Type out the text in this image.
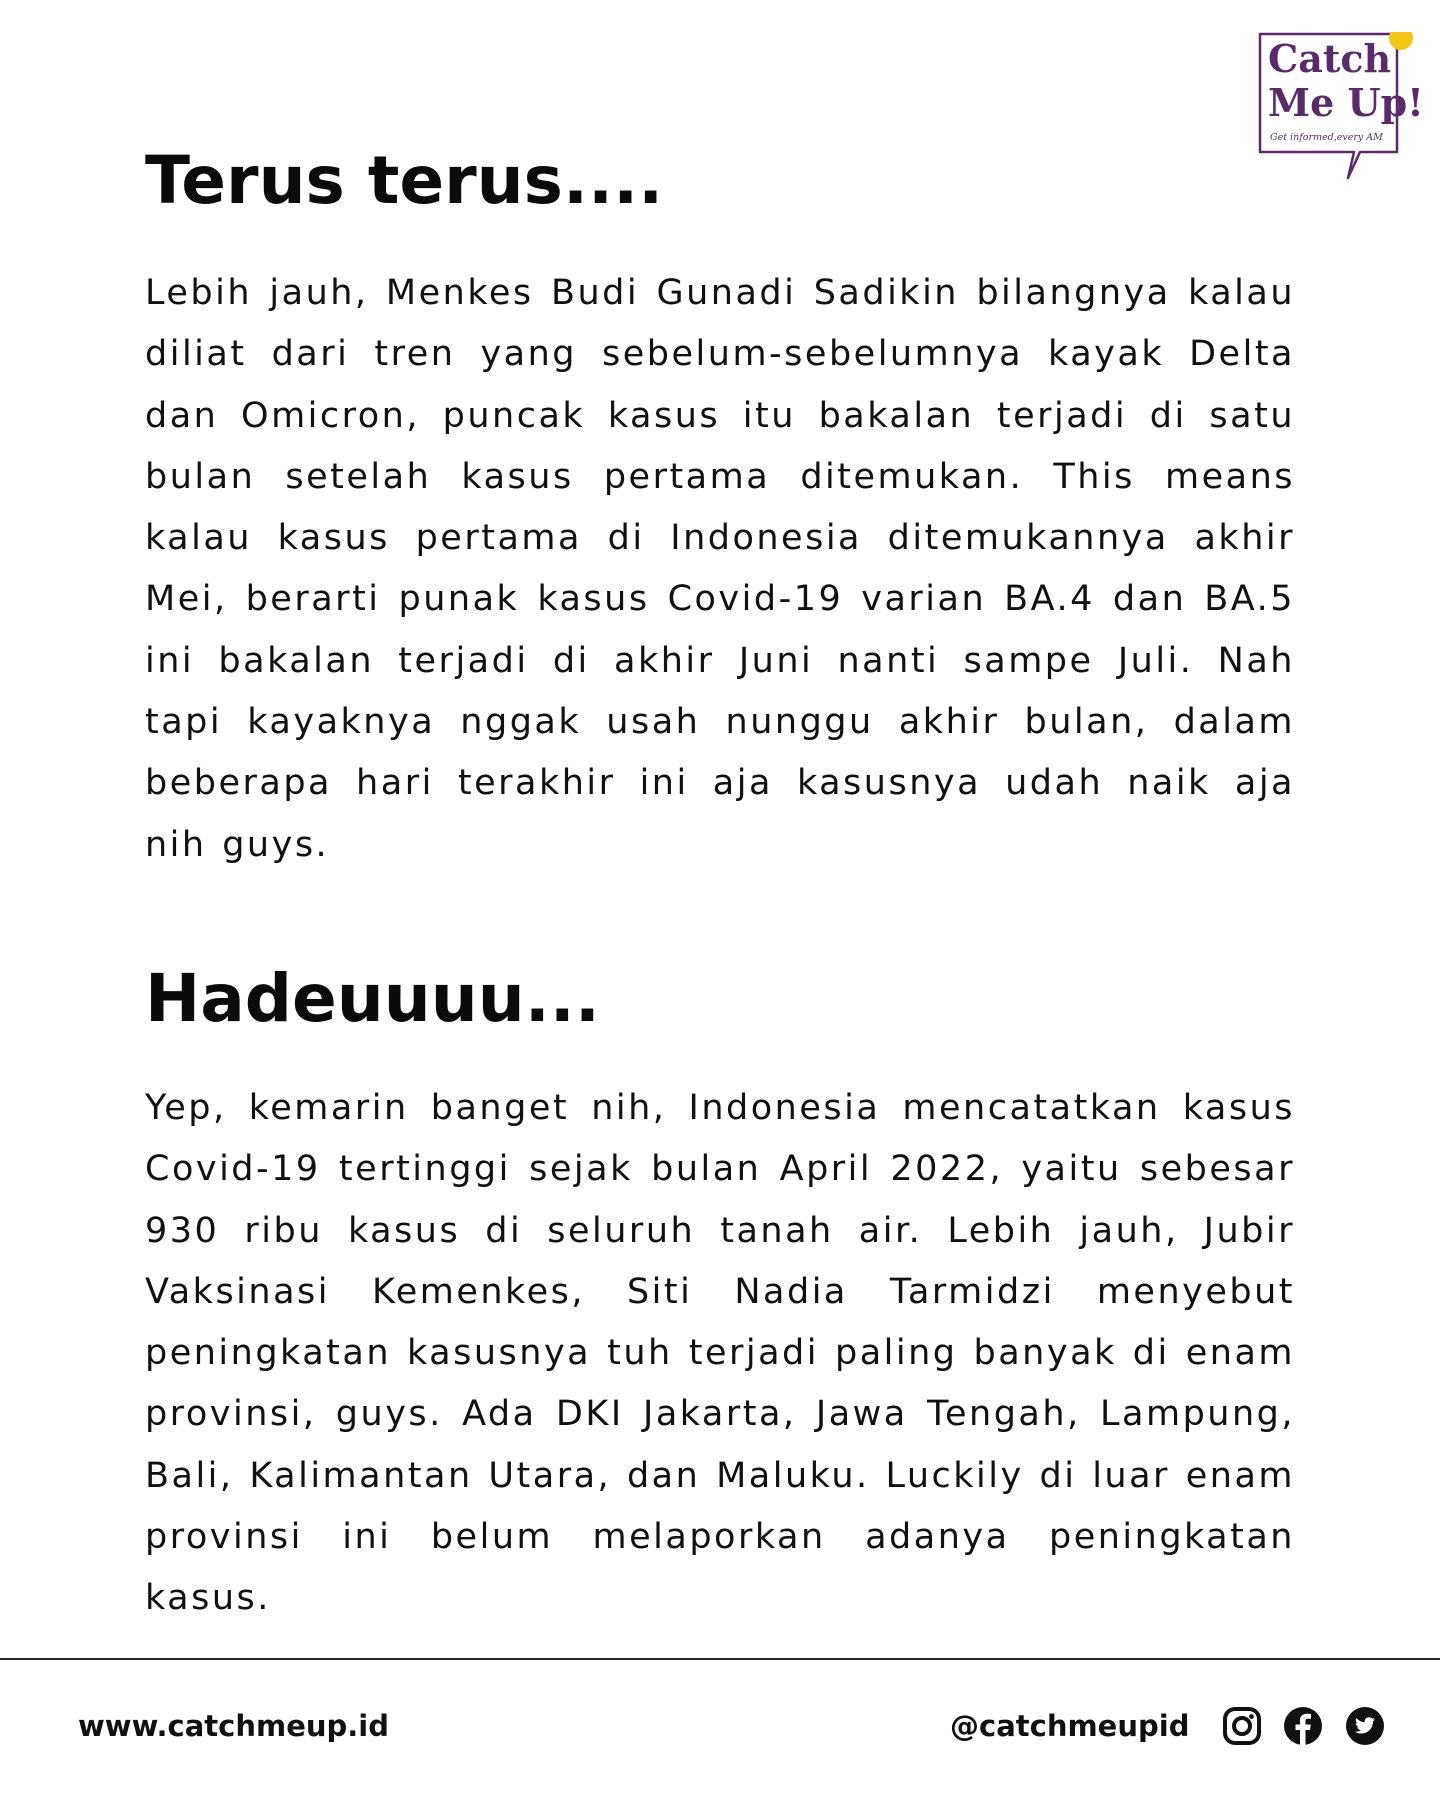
Catch
Me Up!
Get informed,every AM
Terus terus....

Lebih jauh, Menkes Budi Gunadi Sadikin bilangnya kalau diliat dari tren yang sebelum-sebelumnya kayak Delta dan Omicron, puncak kasus itu bakalan terjadi di satu bulan setelah kasus pertama ditemukan. This means kalau kasus pertama di Indonesia ditemukannya akhir Mei, berarti punak kasus Covid-19 varian BA.4 dan BA.5 ini bakalan terjadi di akhir Juni nanti sampe Juli. Nah tapi kayaknya nggak usah nunggu akhir bulan, dalam beberapa hari terakhir ini aja kasusnya udah naik aja nih guys.

Hadeuuuu...

Yep, kemarin banget nih, Indonesia mencatatkan kasus Covid-19 tertinggi sejak bulan April 2022, yaitu sebesar 930 ribu kasus di seluruh tanah air. Lebih jauh, Jubir Vaksinasi Kemenkes, Siti Nadia Tarmidzi menyebut peningkatan kasusnya tuh terjadi paling banyak di enam provinsi, guys. Ada DKI Jakarta, Jawa Tengah, Lampung, Bali, Kalimantan Utara, dan Maluku. Luckily di luar enam provinsi ini belum melaporkan adanya peningkatan kasus.

www.catchmeup.id	@catchmeupid
